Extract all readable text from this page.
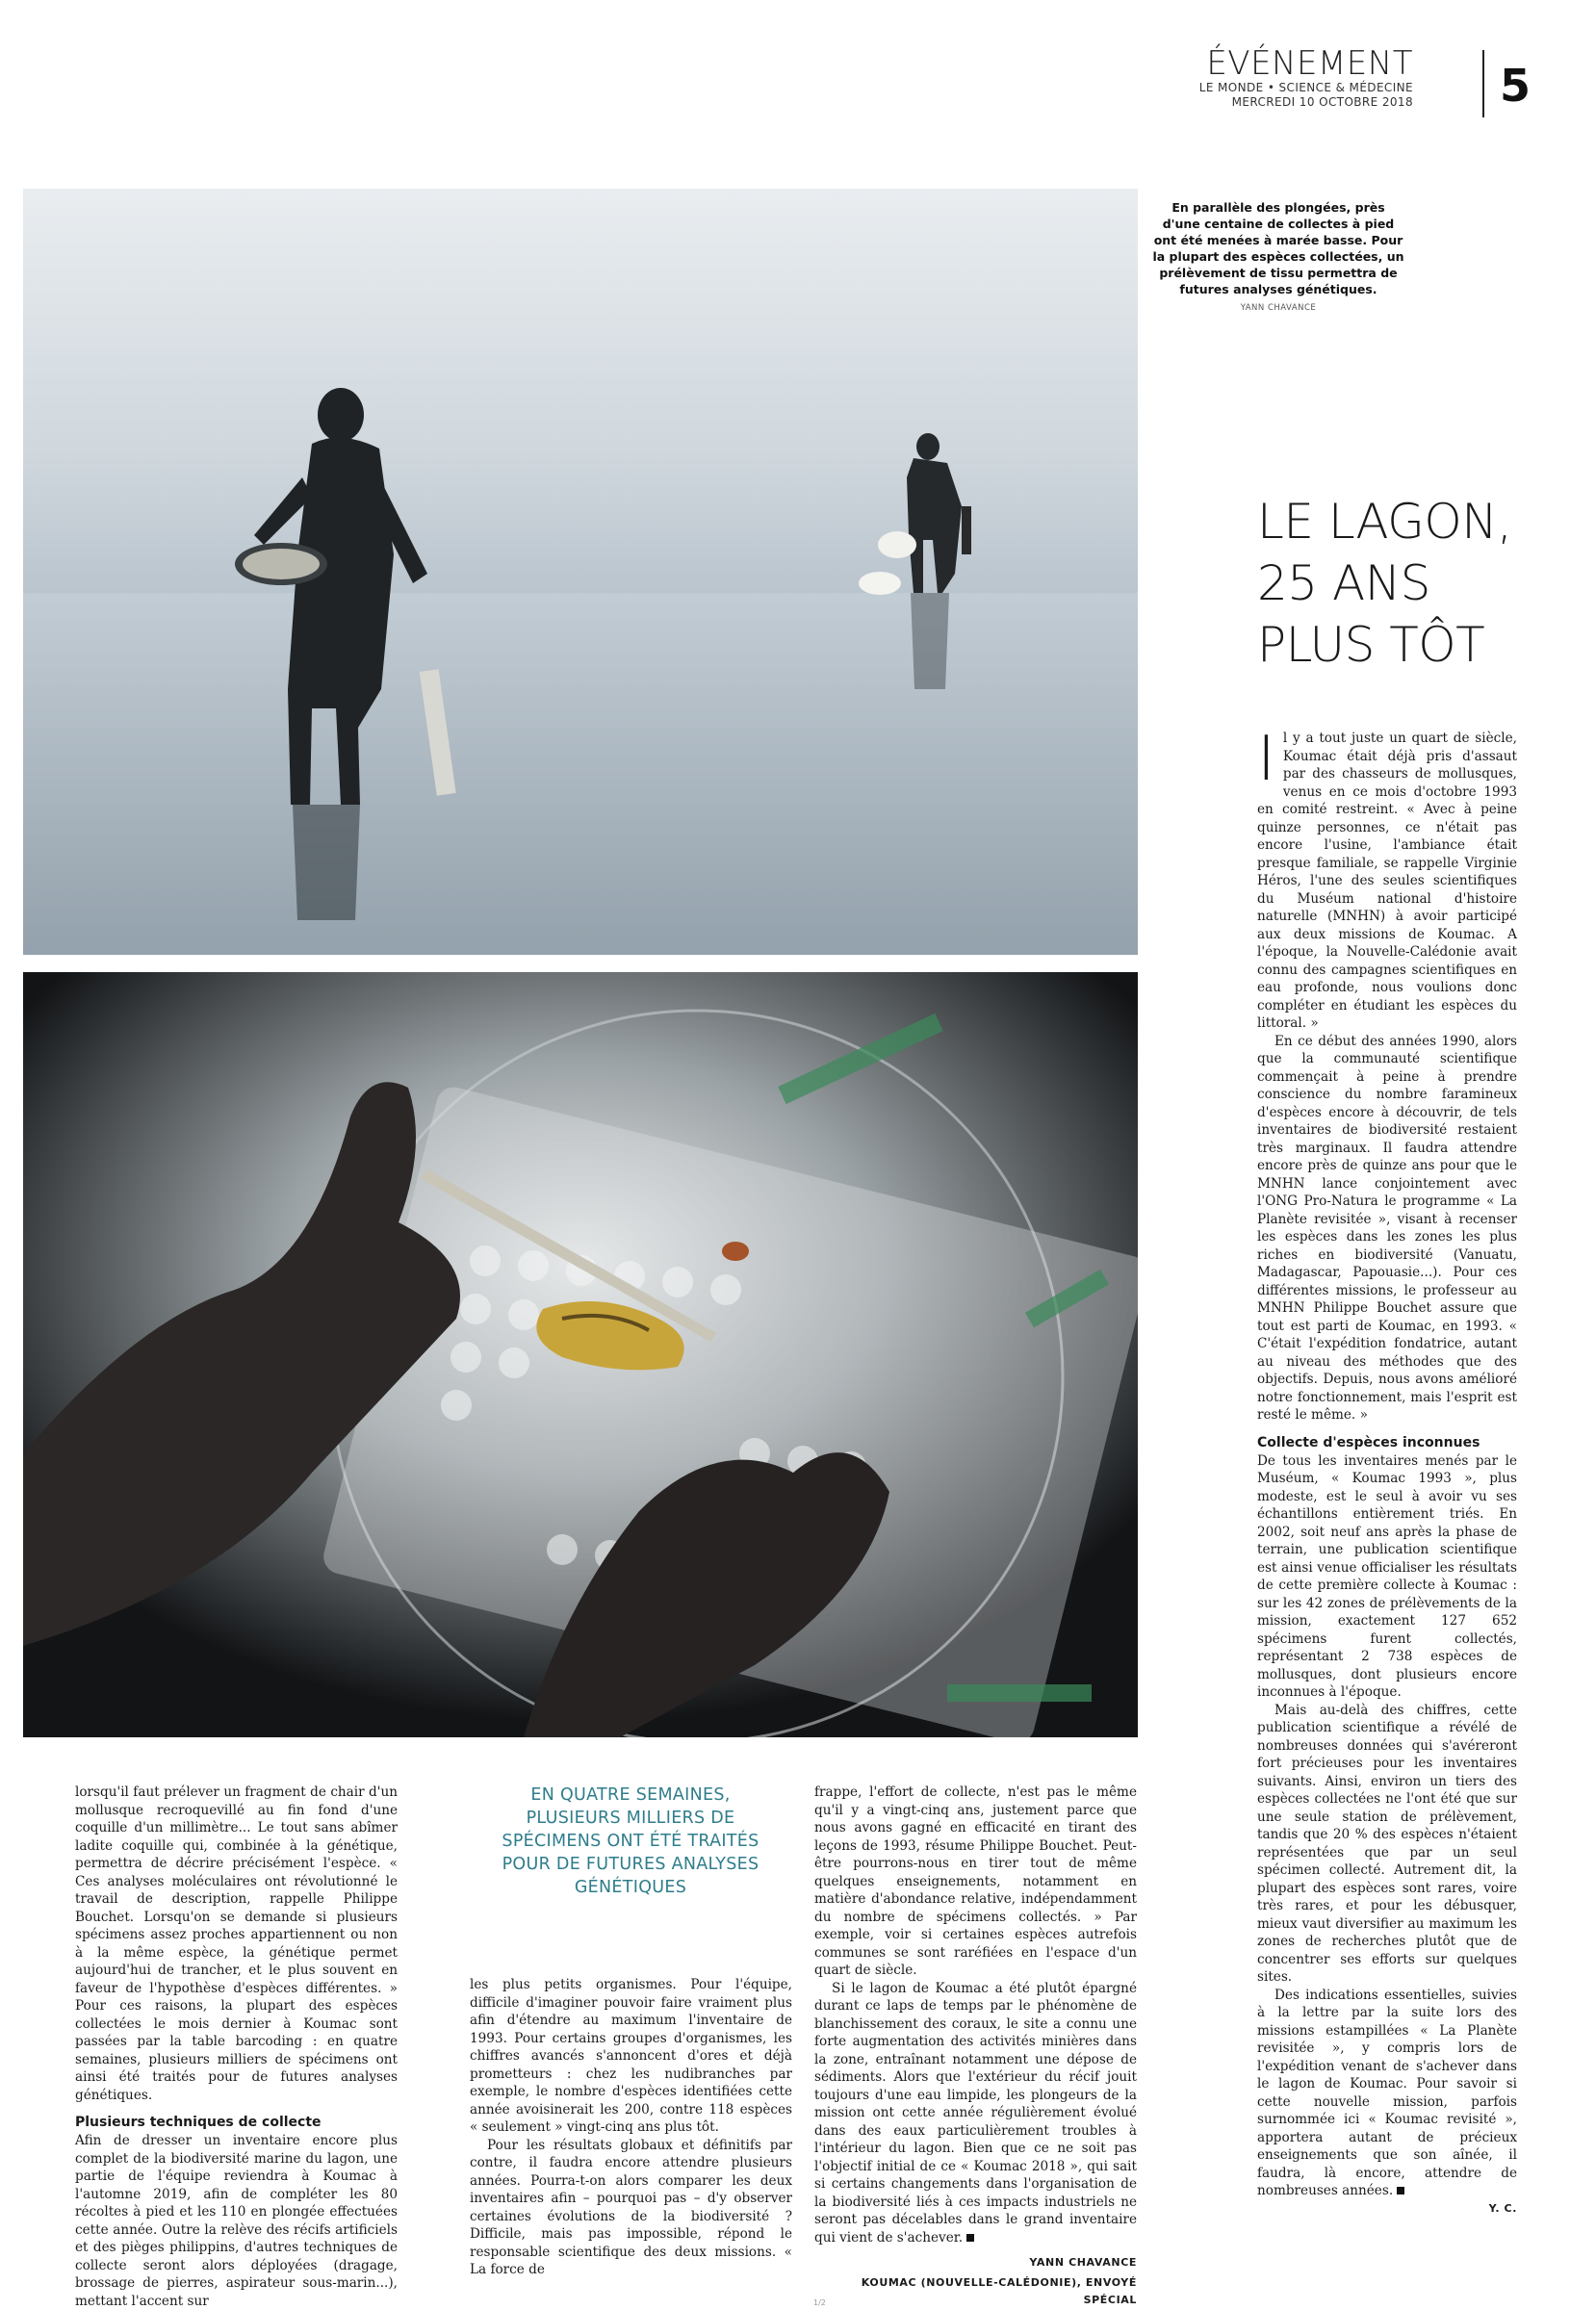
ÉVÉNEMENT
LE MONDE • SCIENCE & MÉDECINE
MERCREDI 10 OCTOBRE 2018 5
En parallèle des plongées, près d'une centaine de collectes à pied ont été menées à marée basse. Pour la plupart des espèces collectées, un prélèvement de tissu permettra de futures analyses génétiques.
YANN CHAVANCE
LE LAGON,
25 ANS
PLUS TÔT

Il y a tout juste un quart de siècle, Koumac était déjà pris d'assaut par des chasseurs de mollusques, venus en ce mois d'octobre 1993 en comité restreint. « Avec à peine quinze personnes, ce n'était pas encore l'usine, l'ambiance était presque familiale, se rappelle Virginie Héros, l'une des seules scientifiques du Muséum national d'histoire naturelle (MNHN) à avoir participé aux deux missions de Koumac. A l'époque, la Nouvelle-Calédonie avait connu des campagnes scientifiques en eau profonde, nous voulions donc compléter en étudiant les espèces du littoral. »

En ce début des années 1990, alors que la communauté scientifique commençait à peine à prendre conscience du nombre faramineux d'espèces encore à découvrir, de tels inventaires de biodiversité restaient très marginaux. Il faudra attendre encore près de quinze ans pour que le MNHN lance conjointement avec l'ONG Pro-Natura le programme « La Planète revisitée », visant à recenser les espèces dans les zones les plus riches en biodiversité (Vanuatu, Madagascar, Papouasie...). Pour ces différentes missions, le professeur au MNHN Philippe Bouchet assure que tout est parti de Koumac, en 1993. « C'était l'expédition fondatrice, autant au niveau des méthodes que des objectifs. Depuis, nous avons amélioré notre fonctionnement, mais l'esprit est resté le même. »

Collecte d'espèces inconnues

De tous les inventaires menés par le Muséum, « Koumac 1993 », plus modeste, est le seul à avoir vu ses échantillons entièrement triés. En 2002, soit neuf ans après la phase de terrain, une publication scientifique est ainsi venue officialiser les résultats de cette première collecte à Koumac : sur les 42 zones de prélèvements de la mission, exactement 127 652 spécimens furent collectés, représentant 2 738 espèces de mollusques, dont plusieurs encore inconnues à l'époque.

Mais au-delà des chiffres, cette publication scientifique a révélé de nombreuses données qui s'avéreront fort précieuses pour les inventaires suivants. Ainsi, environ un tiers des espèces collectées ne l'ont été que sur une seule station de prélèvement, tandis que 20 % des espèces n'étaient représentées que par un seul spécimen collecté. Autrement dit, la plupart des espèces sont rares, voire très rares, et pour les débusquer, mieux vaut diversifier au maximum les zones de recherches plutôt que de concentrer ses efforts sur quelques sites.

Des indications essentielles, suivies à la lettre par la suite lors des missions estampillées « La Planète revisitée », y compris lors de l'expédition venant de s'achever dans le lagon de Koumac. Pour savoir si cette nouvelle mission, parfois surnommée ici « Koumac revisité », apportera autant de précieux enseignements que son aînée, il faudra, là encore, attendre de nombreuses années.

Y. C.

lorsqu'il faut prélever un fragment de chair d'un mollusque recroquevillé au fin fond d'une coquille d'un millimètre... Le tout sans abîmer ladite coquille qui, combinée à la génétique, permettra de décrire précisément l'espèce. « Ces analyses moléculaires ont révolutionné le travail de description, rappelle Philippe Bouchet. Lorsqu'on se demande si plusieurs spécimens assez proches appartiennent ou non à la même espèce, la génétique permet aujourd'hui de trancher, et le plus souvent en faveur de l'hypothèse d'espèces différentes. » Pour ces raisons, la plupart des espèces collectées le mois dernier à Koumac sont passées par la table barcoding : en quatre semaines, plusieurs milliers de spécimens ont ainsi été traités pour de futures analyses génétiques.

Plusieurs techniques de collecte

Afin de dresser un inventaire encore plus complet de la biodiversité marine du lagon, une partie de l'équipe reviendra à Koumac à l'automne 2019, afin de compléter les 80 récoltes à pied et les 110 en plongée effectuées cette année. Outre la relève des récifs artificiels et des pièges philippins, d'autres techniques de collecte seront alors déployées (dragage, brossage de pierres, aspirateur sous-marin...), mettant l'accent sur

EN QUATRE SEMAINES, PLUSIEURS MILLIERS DE SPÉCIMENS ONT ÉTÉ TRAITÉS POUR DE FUTURES ANALYSES GÉNÉTIQUES

les plus petits organismes. Pour l'équipe, difficile d'imaginer pouvoir faire vraiment plus afin d'étendre au maximum l'inventaire de 1993. Pour certains groupes d'organismes, les chiffres avancés s'annoncent d'ores et déjà prometteurs : chez les nudibranches par exemple, le nombre d'espèces identifiées cette année avoisinerait les 200, contre 118 espèces « seulement » vingt-cinq ans plus tôt.

Pour les résultats globaux et définitifs par contre, il faudra encore attendre plusieurs années. Pourra-t-on alors comparer les deux inventaires afin – pourquoi pas – d'y observer certaines évolutions de la biodiversité ? Difficile, mais pas impossible, répond le responsable scientifique des deux missions. « La force de

frappe, l'effort de collecte, n'est pas le même qu'il y a vingt-cinq ans, justement parce que nous avons gagné en efficacité en tirant des leçons de 1993, résume Philippe Bouchet. Peut-être pourrons-nous en tirer tout de même quelques enseignements, notamment en matière d'abondance relative, indépendamment du nombre de spécimens collectés. » Par exemple, voir si certaines espèces autrefois communes se sont raréfiées en l'espace d'un quart de siècle.

Si le lagon de Koumac a été plutôt épargné durant ce laps de temps par le phénomène de blanchissement des coraux, le site a connu une forte augmentation des activités minières dans la zone, entraînant notamment une dépose de sédiments. Alors que l'extérieur du récif jouit toujours d'une eau limpide, les plongeurs de la mission ont cette année régulièrement évolué dans des eaux particulièrement troubles à l'intérieur du lagon. Bien que ce ne soit pas l'objectif initial de ce « Koumac 2018 », qui sait si certains changements dans l'organisation de la biodiversité liés à ces impacts industriels ne seront pas décelables dans le grand inventaire qui vient de s'achever.

YANN CHAVANCE
KOUMAC (NOUVELLE-CALÉDONIE), ENVOYÉ SPÉCIAL
1/2
